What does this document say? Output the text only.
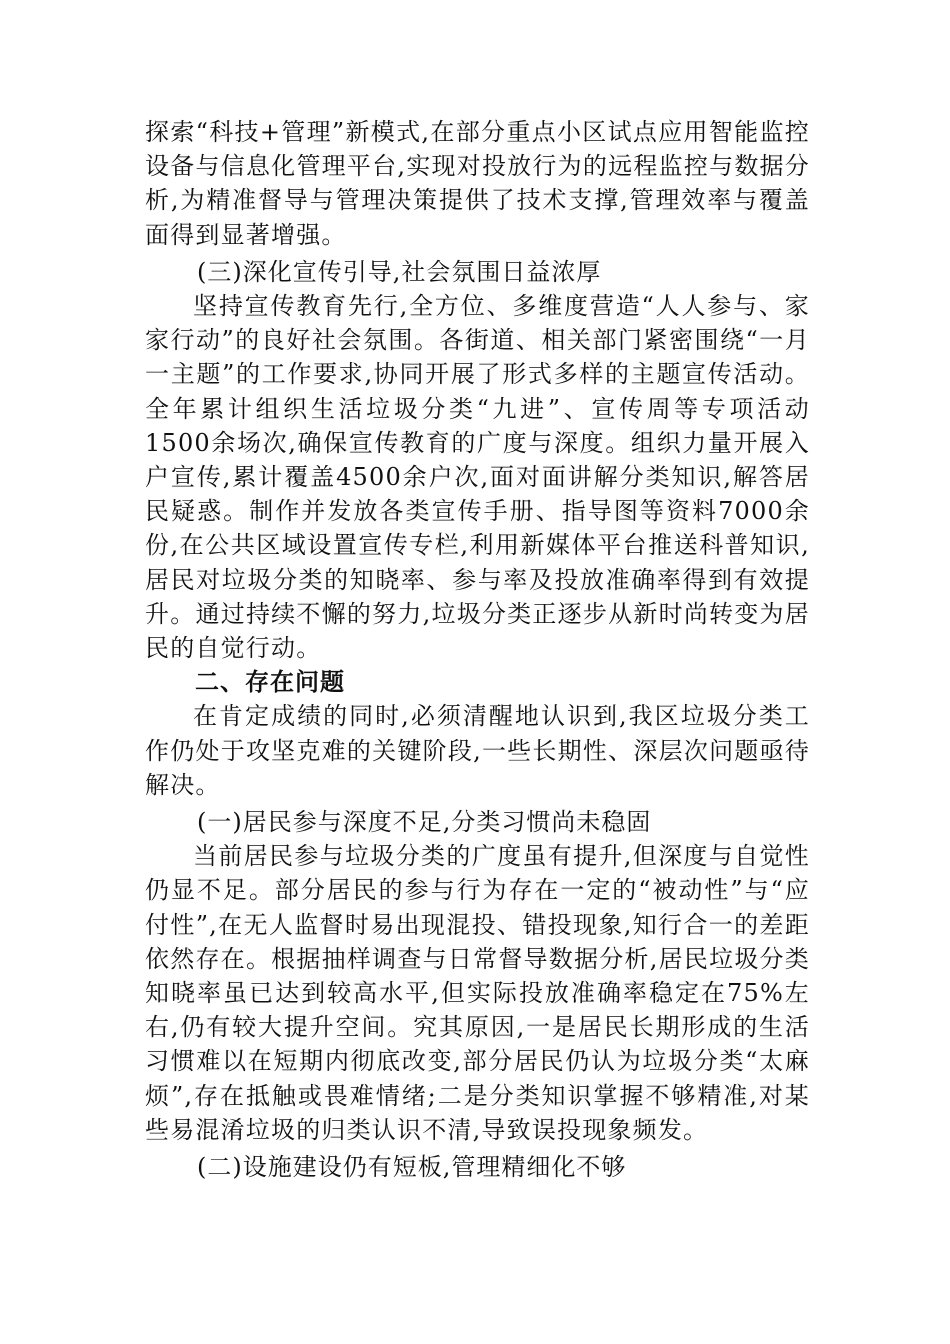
探索“科技+管理”新模式,在部分重点小区试点应用智能监控设备与信息化管理平台,实现对投放行为的远程监控与数据分析,为精准督导与管理决策提供了技术支撑,管理效率与覆盖面得到显著增强。

(三)深化宣传引导,社会氛围日益浓厚

坚持宣传教育先行,全方位、多维度营造“人人参与、家家行动”的良好社会氛围。各街道、相关部门紧密围绕“一月一主题”的工作要求,协同开展了形式多样的主题宣传活动。全年累计组织生活垃圾分类“九进”、宣传周等专项活动1500余场次,确保宣传教育的广度与深度。组织力量开展入户宣传,累计覆盖4500余户次,面对面讲解分类知识,解答居民疑惑。制作并发放各类宣传手册、指导图等资料7000余份,在公共区域设置宣传专栏,利用新媒体平台推送科普知识,居民对垃圾分类的知晓率、参与率及投放准确率得到有效提升。通过持续不懈的努力,垃圾分类正逐步从新时尚转变为居民的自觉行动。

二、存在问题

在肯定成绩的同时,必须清醒地认识到,我区垃圾分类工作仍处于攻坚克难的关键阶段,一些长期性、深层次问题亟待解决。

(一)居民参与深度不足,分类习惯尚未稳固

当前居民参与垃圾分类的广度虽有提升,但深度与自觉性仍显不足。部分居民的参与行为存在一定的“被动性”与“应付性”,在无人监督时易出现混投、错投现象,知行合一的差距依然存在。根据抽样调查与日常督导数据分析,居民垃圾分类知晓率虽已达到较高水平,但实际投放准确率稳定在75%左右,仍有较大提升空间。究其原因,一是居民长期形成的生活习惯难以在短期内彻底改变,部分居民仍认为垃圾分类“太麻烦”,存在抵触或畏难情绪;二是分类知识掌握不够精准,对某些易混淆垃圾的归类认识不清,导致误投现象频发。

(二)设施建设仍有短板,管理精细化不够
